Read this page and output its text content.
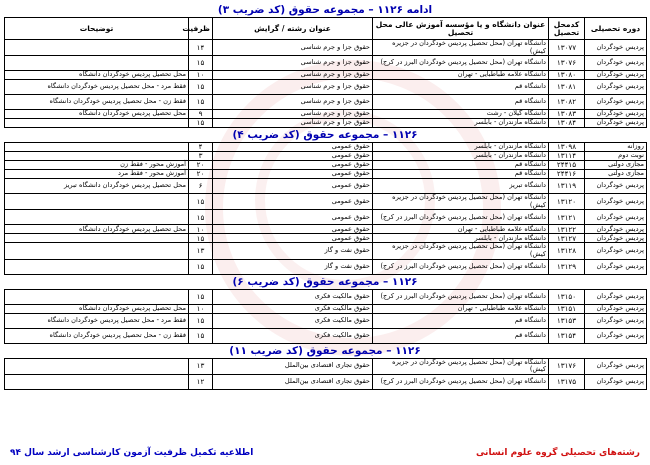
ادامه ۱۱۲۶ – مجموعه حقوق (کد ضریب ۳)
دوره تحصیلی	کدمحل تحصیل	عنوان دانشگاه و یا مؤسسه آموزش عالی محل تحصیل	عنوان رشته / گرایش	ظرفیت	توضیحات
پردیس خودگردان	۱۳۰۷۷	دانشگاه تهران (محل تحصیل پردیس خودگردان در جزیره کیش)	حقوق جزا و جرم شناسی	۱۴	
پردیس خودگردان	۱۳۰۷۶	دانشگاه تهران (محل تحصیل پردیس خودگردان البرز در کرج)	حقوق جزا و جرم شناسی	۱۵	
پردیس خودگردان	۱۳۰۸۰	دانشگاه علامه طباطبایی - تهران	حقوق جزا و جرم شناسی	۱۰	محل تحصیل پردیس خودگردان دانشگاه
پردیس خودگردان	۱۳۰۸۱	دانشگاه قم	حقوق جزا و جرم شناسی	۱۵	فقط مرد - محل تحصیل پردیس خودگردان دانشگاه
پردیس خودگردان	۱۳۰۸۲	دانشگاه قم	حقوق جزا و جرم شناسی	۱۵	فقط زن - محل تحصیل پردیس خودگردان دانشگاه
پردیس خودگردان	۱۳۰۸۳	دانشگاه گیلان - رشت	حقوق جزا و جرم شناسی	۹	محل تحصیل پردیس خودگردان دانشگاه
پردیس خودگردان	۱۳۰۸۴	دانشگاه مازندران - بابلسر	حقوق جزا و جرم شناسی	۱۵	
۱۱۲۶ – مجموعه حقوق (کد ضریب ۴)
روزانه	۱۳۰۹۸	دانشگاه مازندران - بابلسر	حقوق عمومی	۴	
نوبت دوم	۱۳۱۱۴	دانشگاه مازندران - بابلسر	حقوق عمومی	۳	
مجازی دولتی	۲۴۴۱۵	دانشگاه قم	حقوق عمومی	۲۰	آموزش محور - فقط زن
مجازی دولتی	۲۴۴۱۶	دانشگاه قم	حقوق عمومی	۲۰	آموزش محور - فقط مرد
پردیس خودگردان	۱۳۱۱۹	دانشگاه تبریز	حقوق عمومی	۶	محل تحصیل پردیس خودگردان دانشگاه تبریز
پردیس خودگردان	۱۳۱۲۰	دانشگاه تهران (محل تحصیل پردیس خودگردان در جزیره کیش)	حقوق عمومی	۱۵	
پردیس خودگردان	۱۳۱۲۱	دانشگاه تهران (محل تحصیل پردیس خودگردان البرز در کرج)	حقوق عمومی	۱۵	
پردیس خودگردان	۱۳۱۲۲	دانشگاه علامه طباطبایی - تهران	حقوق عمومی	۱۰	محل تحصیل پردیس خودگردان دانشگاه
پردیس خودگردان	۱۳۱۲۷	دانشگاه مازندران - بابلسر	حقوق عمومی	۱۵	
پردیس خودگردان	۱۳۱۲۸	دانشگاه تهران (محل تحصیل پردیس خودگردان در جزیره کیش)	حقوق نفت و گاز	۱۳	
پردیس خودگردان	۱۳۱۲۹	دانشگاه تهران (محل تحصیل پردیس خودگردان البرز در کرج)	حقوق نفت و گاز	۱۵	
۱۱۲۶ – مجموعه حقوق (کد ضریب ۶)
پردیس خودگردان	۱۳۱۵۰	دانشگاه تهران (محل تحصیل پردیس خودگردان البرز در کرج)	حقوق مالکیت فکری	۱۵	
پردیس خودگردان	۱۳۱۵۱	دانشگاه علامه طباطبایی - تهران	حقوق مالکیت فکری	۱۰	محل تحصیل پردیس خودگردان دانشگاه
پردیس خودگردان	۱۳۱۵۳	دانشگاه قم	حقوق مالکیت فکری	۱۵	فقط مرد - محل تحصیل پردیس خودگردان دانشگاه
پردیس خودگردان	۱۳۱۵۴	دانشگاه قم	حقوق مالکیت فکری	۱۵	فقط زن - محل تحصیل پردیس خودگردان دانشگاه
۱۱۲۶ – مجموعه حقوق (کد ضریب ۱۱)
پردیس خودگردان	۱۳۱۷۶	دانشگاه تهران (محل تحصیل پردیس خودگردان در جزیره کیش)	حقوق تجاری اقتصادی بین‌الملل	۱۳	
پردیس خودگردان	۱۳۱۷۵	دانشگاه تهران (محل تحصیل پردیس خودگردان البرز در کرج)	حقوق تجاری اقتصادی بین‌الملل	۱۲	
رشته‌های تحصیلی گروه علوم انسانی
اطلاعیه تکمیل ظرفیت آزمون کارشناسی ارشد سال ۹۴
